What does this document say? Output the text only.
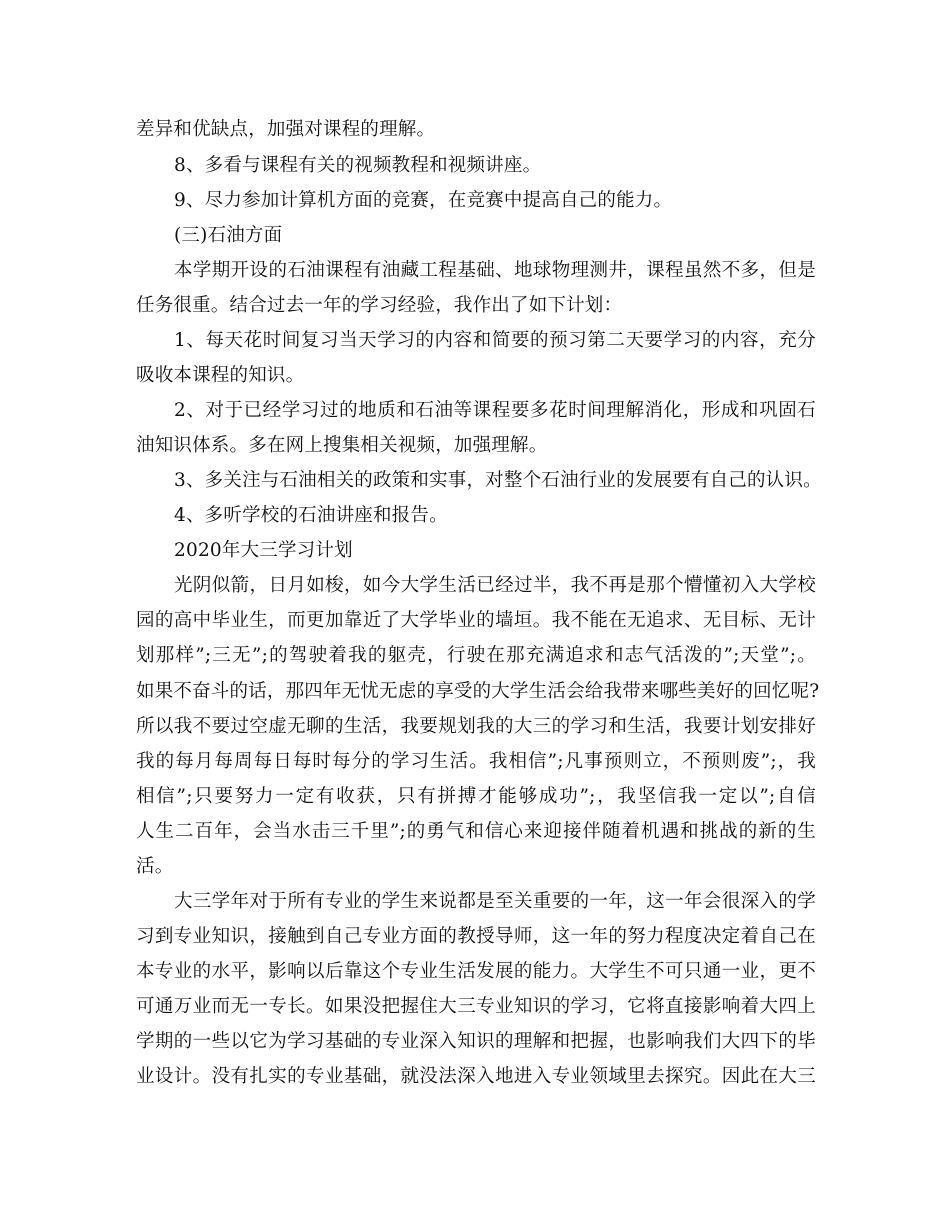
差异和优缺点，加强对课程的理解。
8、多看与课程有关的视频教程和视频讲座。
9、尽力参加计算机方面的竞赛，在竞赛中提高自己的能力。
(三)石油方面
本学期开设的石油课程有油藏工程基础、地球物理测井，课程虽然不多，但是
任务很重。结合过去一年的学习经验，我作出了如下计划：
1、每天花时间复习当天学习的内容和简要的预习第二天要学习的内容，充分
吸收本课程的知识。
2、对于已经学习过的地质和石油等课程要多花时间理解消化，形成和巩固石
油知识体系。多在网上搜集相关视频，加强理解。
3、多关注与石油相关的政策和实事，对整个石油行业的发展要有自己的认识。
4、多听学校的石油讲座和报告。
2020年大三学习计划
光阴似箭，日月如梭，如今大学生活已经过半，我不再是那个懵懂初入大学校
园的高中毕业生，而更加靠近了大学毕业的墙垣。我不能在无追求、无目标、无计
划那样”;三无”;的驾驶着我的躯壳，行驶在那充满追求和志气活泼的”;天堂”;。
如果不奋斗的话，那四年无忧无虑的享受的大学生活会给我带来哪些美好的回忆呢?
所以我不要过空虚无聊的生活，我要规划我的大三的学习和生活，我要计划安排好
我的每月每周每日每时每分的学习生活。我相信”;凡事预则立，不预则废”;，我
相信”;只要努力一定有收获，只有拼搏才能够成功”;，我坚信我一定以”;自信
人生二百年，会当水击三千里”;的勇气和信心来迎接伴随着机遇和挑战的新的生
活。
大三学年对于所有专业的学生来说都是至关重要的一年，这一年会很深入的学
习到专业知识，接触到自己专业方面的教授导师，这一年的努力程度决定着自己在
本专业的水平，影响以后靠这个专业生活发展的能力。大学生不可只通一业，更不
可通万业而无一专长。如果没把握住大三专业知识的学习，它将直接影响着大四上
学期的一些以它为学习基础的专业深入知识的理解和把握，也影响我们大四下的毕
业设计。没有扎实的专业基础，就没法深入地进入专业领域里去探究。因此在大三
